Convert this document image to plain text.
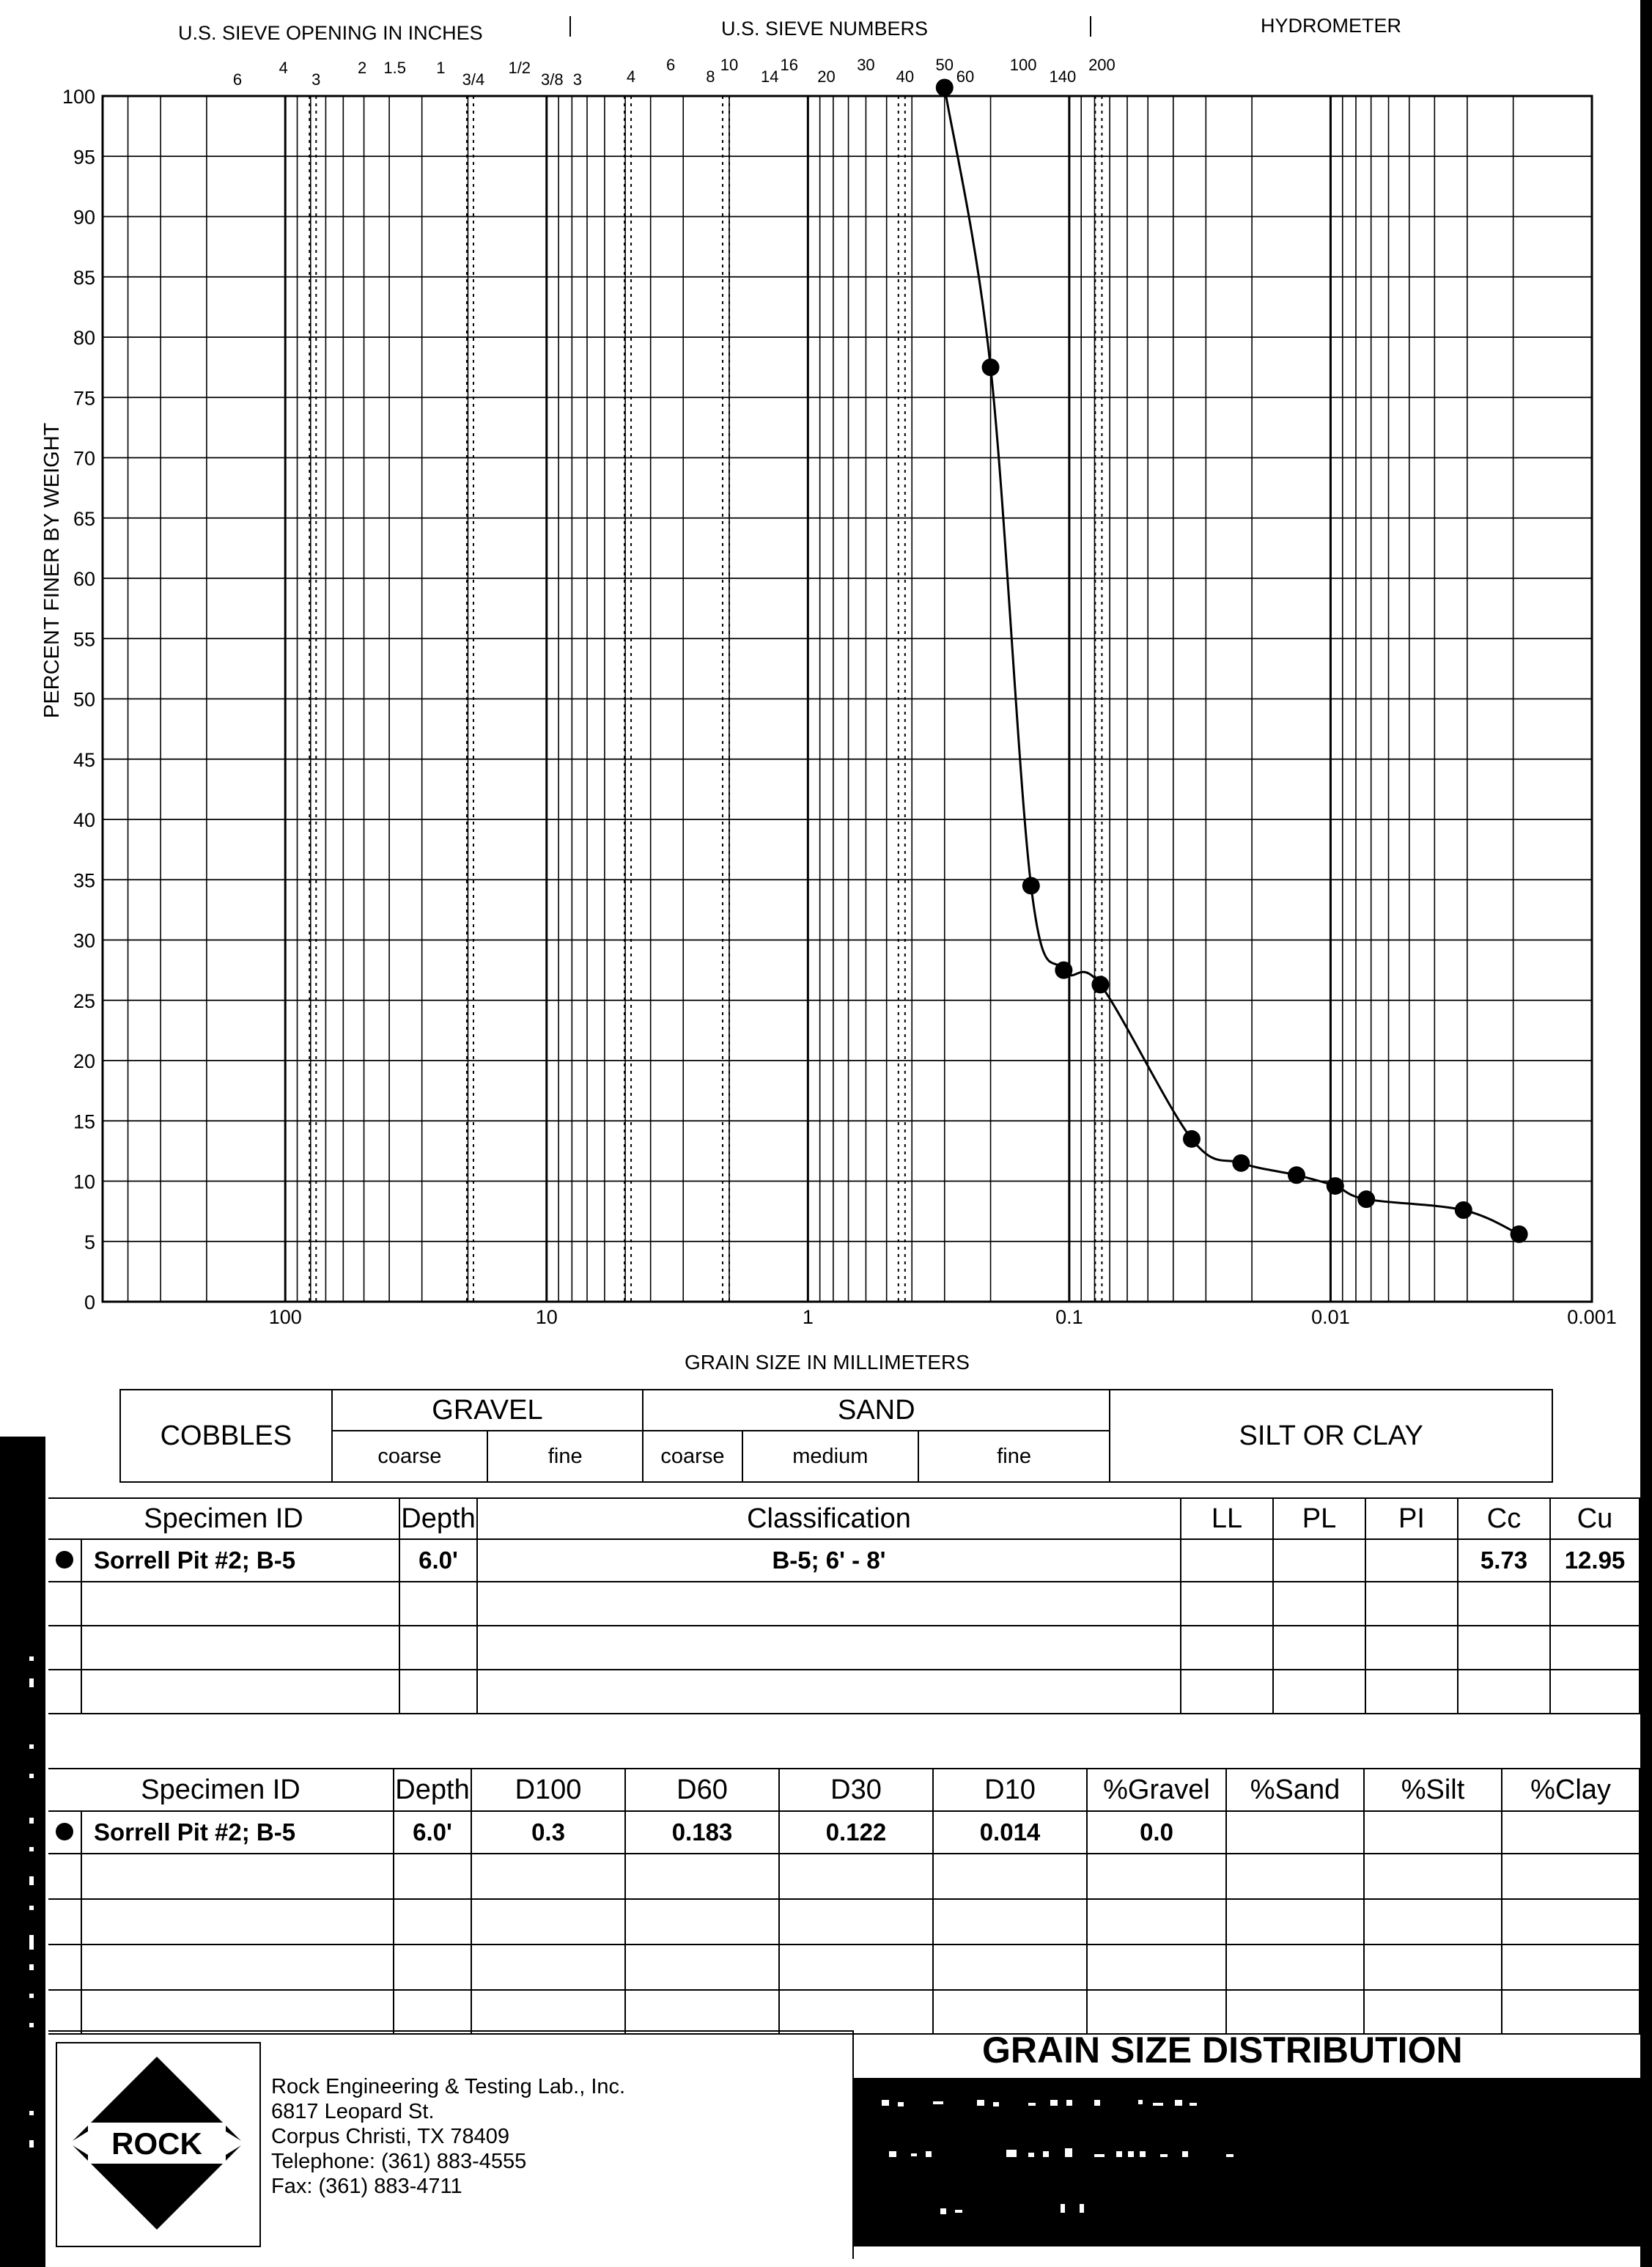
U.S. SIEVE OPENING IN INCHES	U.S. SIEVE NUMBERS	HYDROMETER
100
95
90
85
80
75
70
65
60
55
50
45
40
35
30
25
20
15
10
5
0
100	10	1	0.1	0.01	0.001
6
4
3
2 1.5 1
3/4
1/2
3/8 3	4
6
8
10
14
16
20
30
40
50
60
100
140
200
GRAIN SIZE IN MILLIMETERS
PERCENT FINER BY WEIGHT
COBBLES	GRAVEL		SAND			SILT OR CLAY
	coarse	fine	coarse	medium	fine	
Specimen ID		Depth	Classification	LL	PL	PI	Cc	Cu
	Sorrell Pit #2; B-5	6.0'	B-5; 6' - 8'				5.73	12.95

Specimen ID		Depth	D100	D60	D30	D10	%Gravel	%Sand	%Silt	%Clay
	Sorrell Pit #2; B-5	6.0'	0.3	0.183	0.122	0.014	0.0			

ROCK
Rock Engineering & Testing Lab., Inc.
6817 Leopard St.
Corpus Christi, TX 78409
Telephone: (361) 883-4555
Fax: (361) 883-4711
GRAIN SIZE DISTRIBUTION
